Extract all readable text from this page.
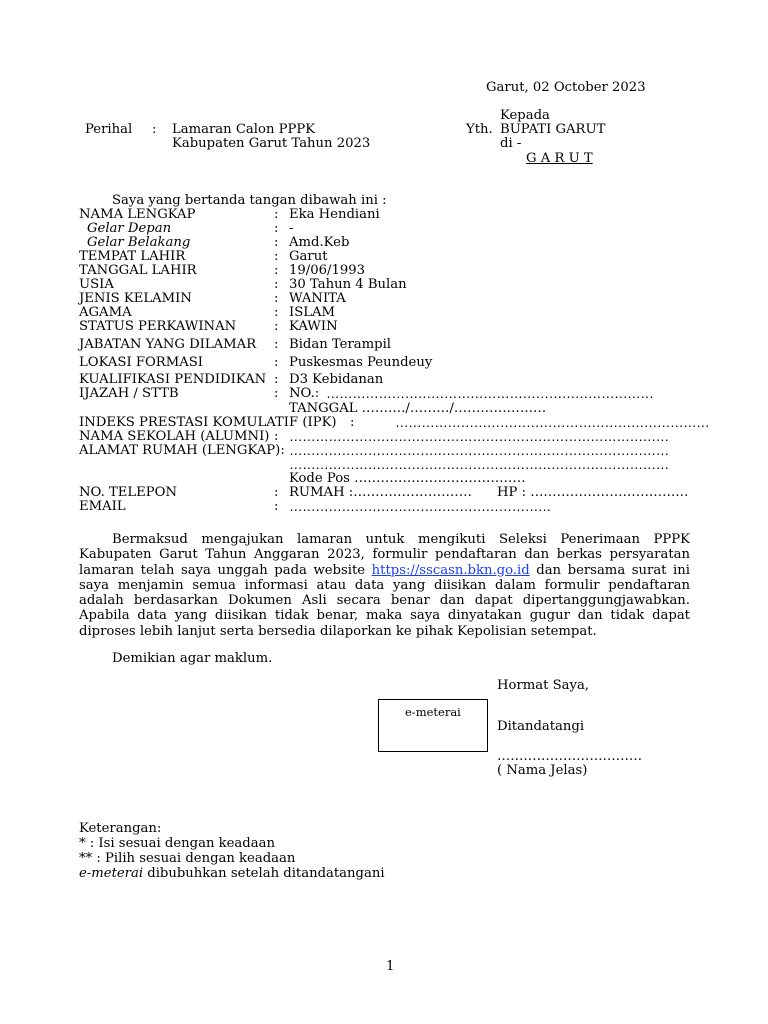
Garut, 02 October 2023
Kepada
Perihal : Lamaran Calon PPPK
Kabupaten Garut Tahun 2023
Yth. BUPATI GARUT
di -
G A R U T
Saya yang bertanda tangan dibawah ini :
NAMA LENGKAP	: Eka Hendiani
Gelar Depan	: -
Gelar Belakang	: Amd.Keb
TEMPAT LAHIR	: Garut
TANGGAL LAHIR	: 19/06/1993
USIA	: 30 Tahun 4 Bulan
JENIS KELAMIN	: WANITA
AGAMA	: ISLAM
STATUS PERKAWINAN	: KAWIN
JABATAN YANG DILAMAR : Bidan Terampil
LOKASI FORMASI	: Puskesmas Peundeuy
KUALIFIKASI PENDIDIKAN : D3 Kebidanan
IJAZAH / STTB	: NO.: …………………………………………………………………
TANGGAL ………./………/…………………
INDEKS PRESTASI KOMULATIF (IPK) :	………………………………………………………………
NAMA SEKOLAH (ALUMNI) : ……………………………………………………………………………
ALAMAT RUMAH (LENGKAP): ……………………………………………………………………………
……………………………………………………………………………
Kode Pos …………………………………
NO. TELEPON	: RUMAH :……………………… HP : ………………………………
EMAIL	: ……………………………………………………

Bermaksud mengajukan lamaran untuk mengikuti Seleksi Penerimaan PPPK Kabupaten Garut Tahun Anggaran 2023, formulir pendaftaran dan berkas persyaratan lamaran telah saya unggah pada website https://sscasn.bkn.go.id dan bersama surat ini saya menjamin semua informasi atau data yang diisikan dalam formulir pendaftaran adalah berdasarkan Dokumen Asli secara benar dan dapat dipertanggungjawabkan. Apabila data yang diisikan tidak benar, maka saya dinyatakan gugur dan tidak dapat diproses lebih lanjut serta bersedia dilaporkan ke pihak Kepolisian setempat.

Demikian agar maklum.
Hormat Saya,
e-meterai
Ditandatangi
……………………………
( Nama Jelas)
Keterangan:
* : Isi sesuai dengan keadaan
** : Pilih sesuai dengan keadaan
e-meterai dibubuhkan setelah ditandatangani
1
